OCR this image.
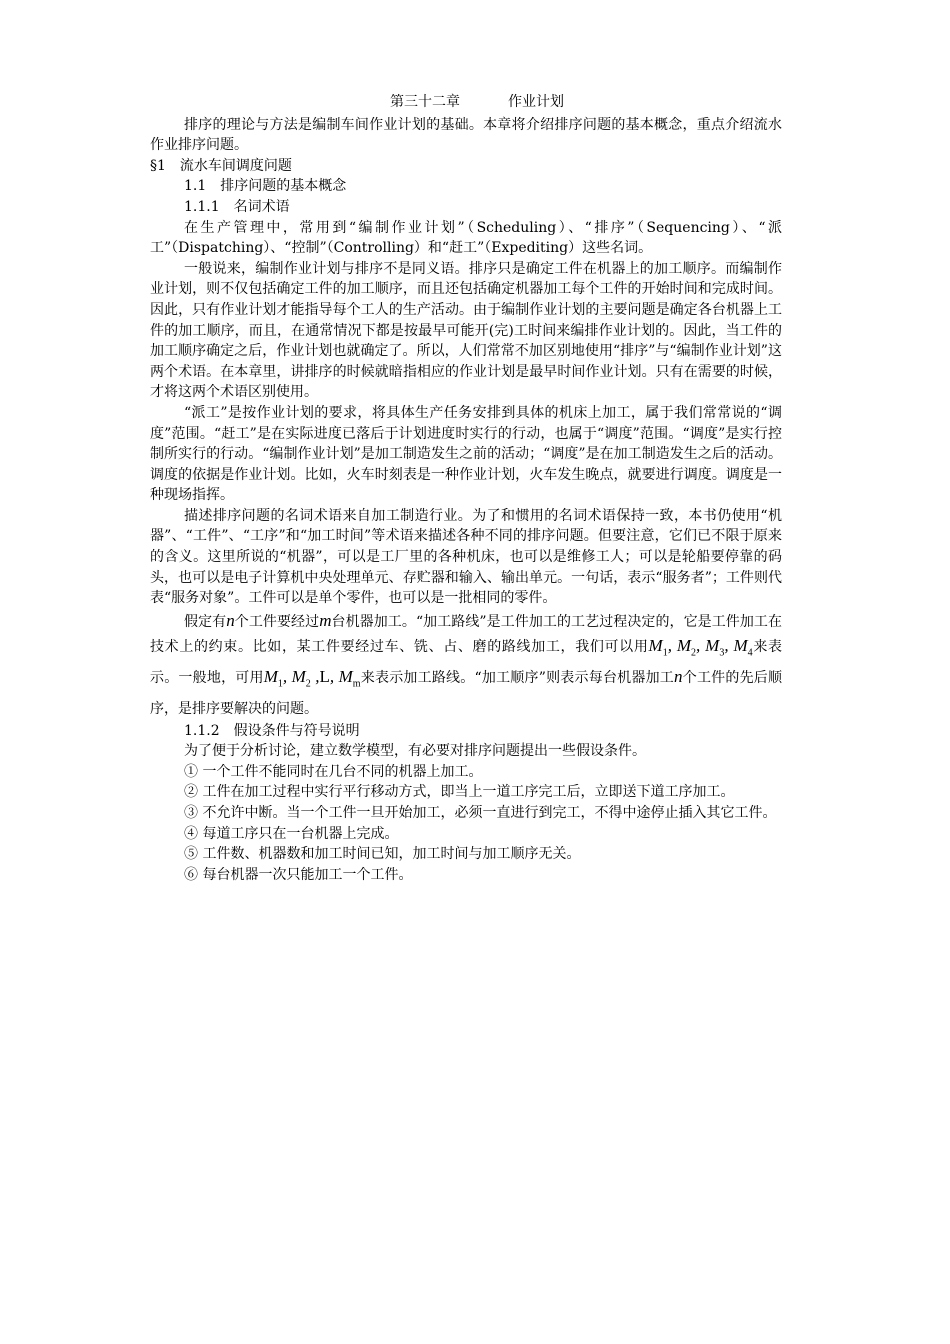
第三十二章	作业计划

排序的理论与方法是编制车间作业计划的基础。本章将介绍排序问题的基本概念，重点介绍流水作业排序问题。

§1　流水车间调度问题

1.1　排序问题的基本概念

1.1.1　名词术语

在生产管理中，常用到“编制作业计划”（Scheduling）、“排序”（Sequencing）、“派工”（Dispatching）、“控制”（Controlling）和“赶工”（Expediting）这些名词。

一般说来，编制作业计划与排序不是同义语。排序只是确定工件在机器上的加工顺序。而编制作业计划，则不仅包括确定工件的加工顺序，而且还包括确定机器加工每个工件的开始时间和完成时间。因此，只有作业计划才能指导每个工人的生产活动。由于编制作业计划的主要问题是确定各台机器上工件的加工顺序，而且，在通常情况下都是按最早可能开(完)工时间来编排作业计划的。因此，当工件的加工顺序确定之后，作业计划也就确定了。所以，人们常常不加区别地使用“排序”与“编制作业计划”这两个术语。在本章里，讲排序的时候就暗指相应的作业计划是最早时间作业计划。只有在需要的时候，才将这两个术语区别使用。

“派工”是按作业计划的要求，将具体生产任务安排到具体的机床上加工，属于我们常常说的“调度”范围。“赶工”是在实际进度已落后于计划进度时实行的行动，也属于“调度”范围。“调度”是实行控制所实行的行动。“编制作业计划”是加工制造发生之前的活动；“调度”是在加工制造发生之后的活动。调度的依据是作业计划。比如，火车时刻表是一种作业计划，火车发生晚点，就要进行调度。调度是一种现场指挥。

描述排序问题的名词术语来自加工制造行业。为了和惯用的名词术语保持一致，本书仍使用“机器”、“工件”、“工序”和“加工时间”等术语来描述各种不同的排序问题。但要注意，它们已不限于原来的含义。这里所说的“机器”，可以是工厂里的各种机床，也可以是维修工人；可以是轮船要停靠的码头，也可以是电子计算机中央处理单元、存贮器和输入、输出单元。一句话，表示“服务者”；工件则代表“服务对象”。工件可以是单个零件，也可以是一批相同的零件。

假定有n个工件要经过m台机器加工。“加工路线”是工件加工的工艺过程决定的，它是工件加工在技术上的约束。比如，某工件要经过车、铣、占、磨的路线加工，我们可以用$M_1$, $M_2$, $M_3$, $M_4$来表示。一般地，可用$M_1$, $M_2$ ,L, $M_m$来表示加工路线。“加工顺序”则表示每台机器加工n个工件的先后顺序，是排序要解决的问题。

1.1.2　假设条件与符号说明

为了便于分析讨论，建立数学模型，有必要对排序问题提出一些假设条件。

① 一个工件不能同时在几台不同的机器上加工。

② 工件在加工过程中实行平行移动方式，即当上一道工序完工后，立即送下道工序加工。

③ 不允许中断。当一个工件一旦开始加工，必须一直进行到完工，不得中途停止插入其它工件。

④ 每道工序只在一台机器上完成。

⑤ 工件数、机器数和加工时间已知，加工时间与加工顺序无关。

⑥ 每台机器一次只能加工一个工件。
